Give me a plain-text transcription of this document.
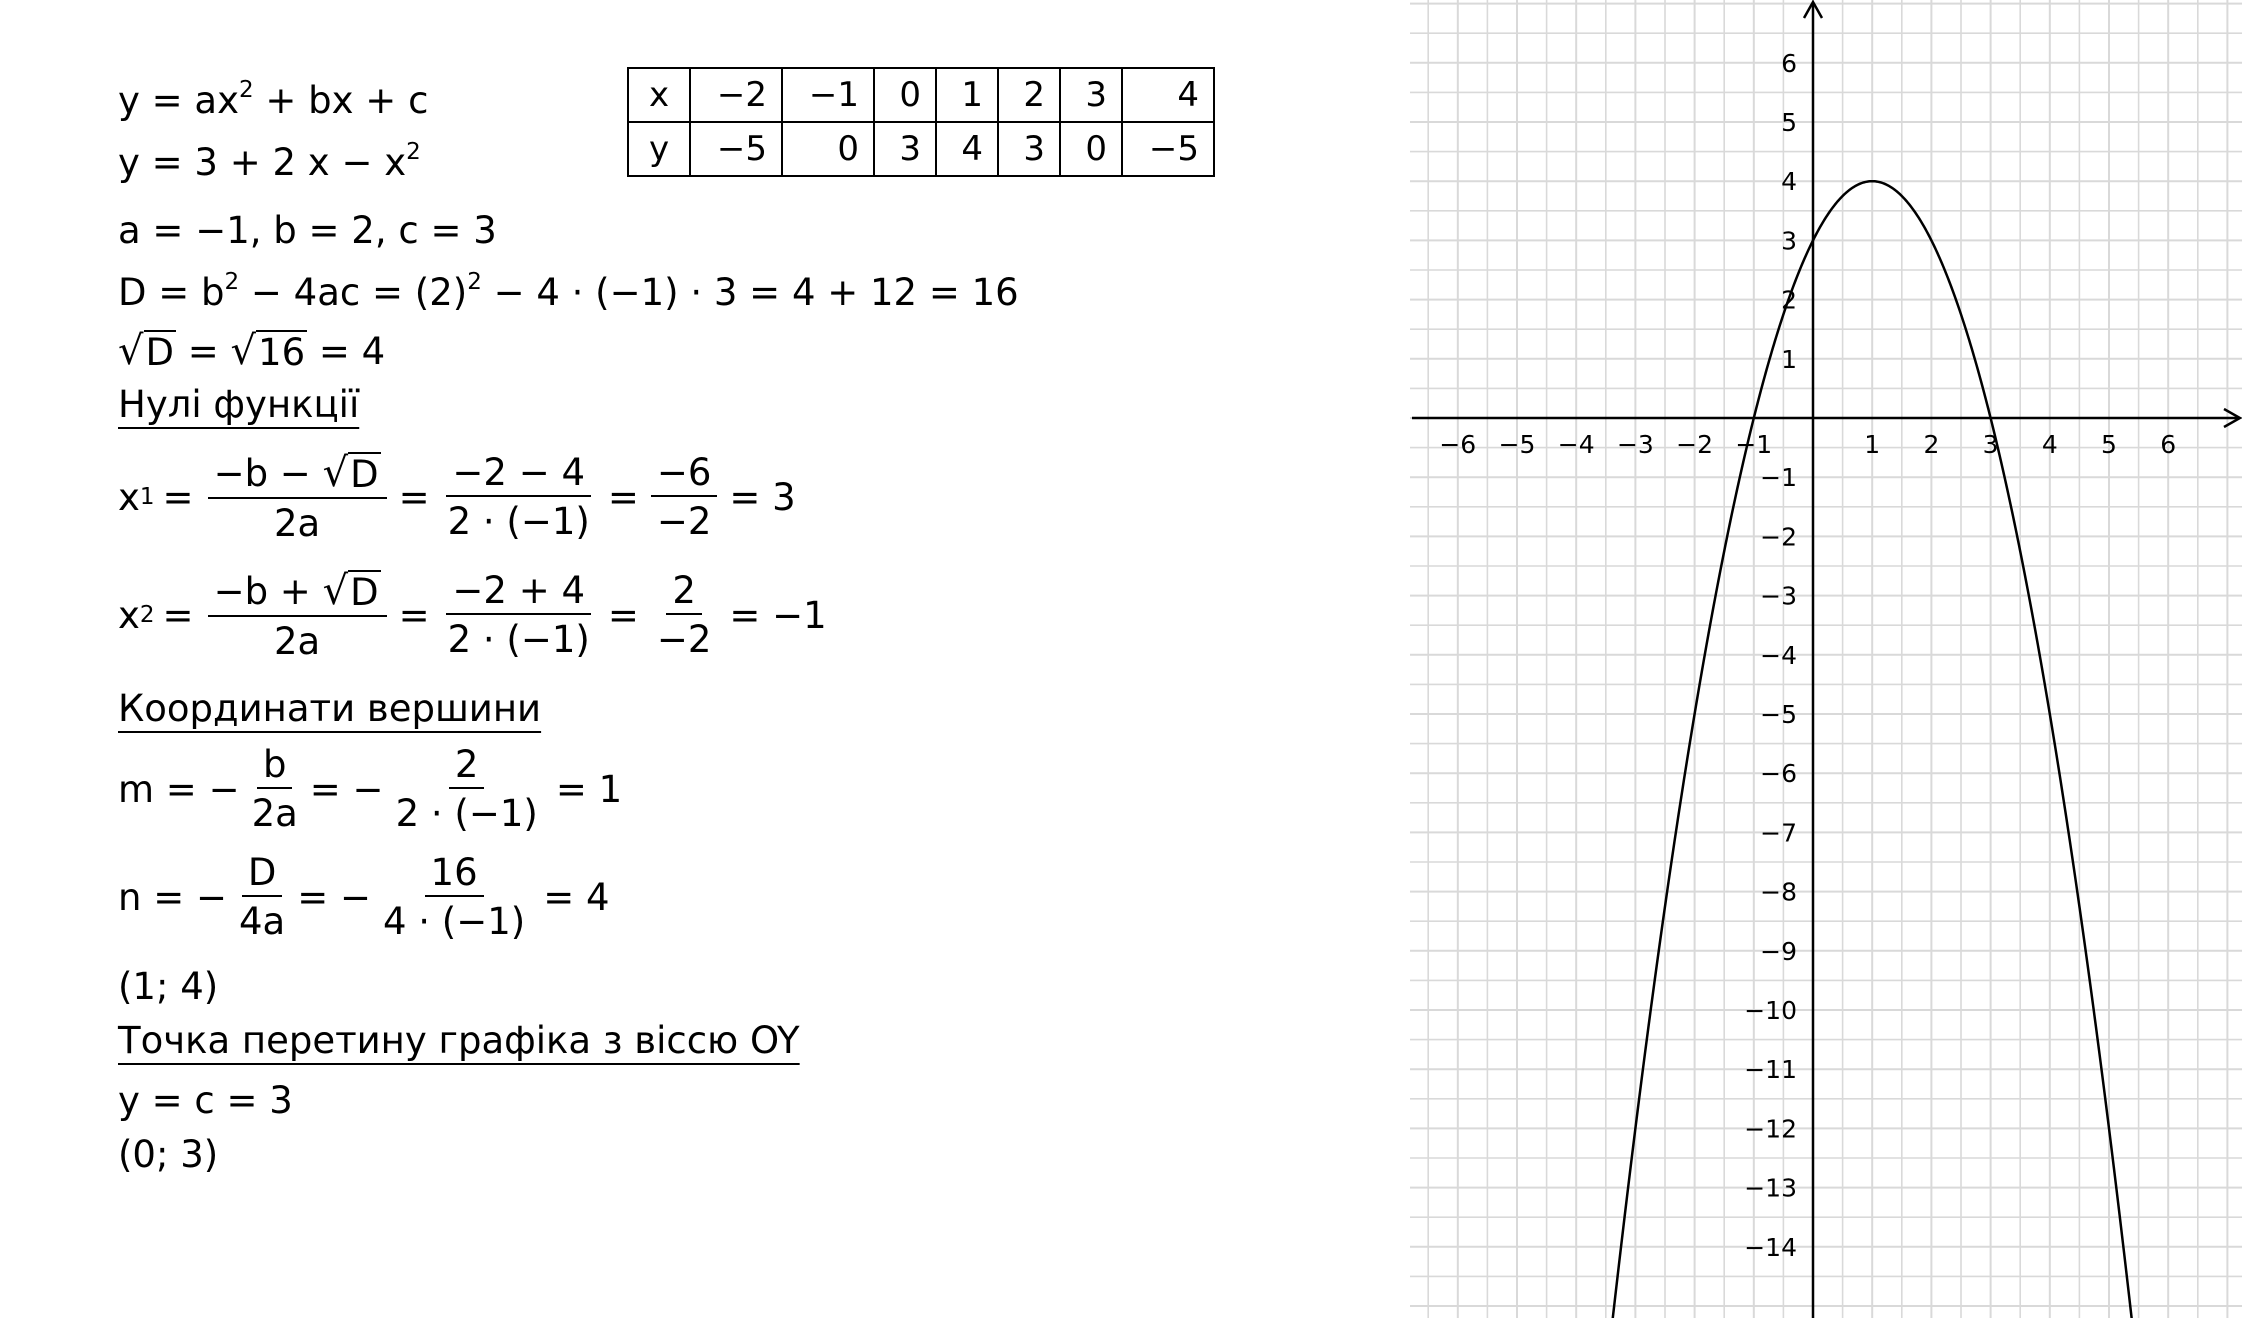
$y = ax^2$ + bx + c
y = 3 + 2 $x - x^2$
a = −1, b = 2, c = 3
$D = b^2 - 4ac = (2)^2 - 4 \cdot (-1) \cdot 3 = 4 + 12 = 16$
√ D = √ 16 = 4
Нулі функції
x $1 = \frac{-b - √ D}{2a} = \frac{-2 - 4}{2 \cdot (-1)} = \frac{-6}{-2} = 3$
x $2 = \frac{-b + √ D}{2a} = \frac{-2 + 4}{2 \cdot (-1)} = \frac{2}{-2} = -1$
Координати вершини
m = − $\frac{b}{2a}$ = − $\frac{2}{2 \cdot (-1)} = 1$
n = − $\frac{D}{4a}$ = − $\frac{16}{4 \cdot (-1)} = 4$
(1; 4)
Точка перетину графіка з віссю OY
y = c = 3
(0; 3)
x	−2	−1	0	1	2	3	4
y	−5	0	3	4	3	0	−5
−6 −5 −4 −3 −2 −1	1 2 3 4 5 6
6
5
4
3
2
1
−1
−2
−3
−4
−5
−6
−7
−8
−9
−10
−11
−12
−13
−14
